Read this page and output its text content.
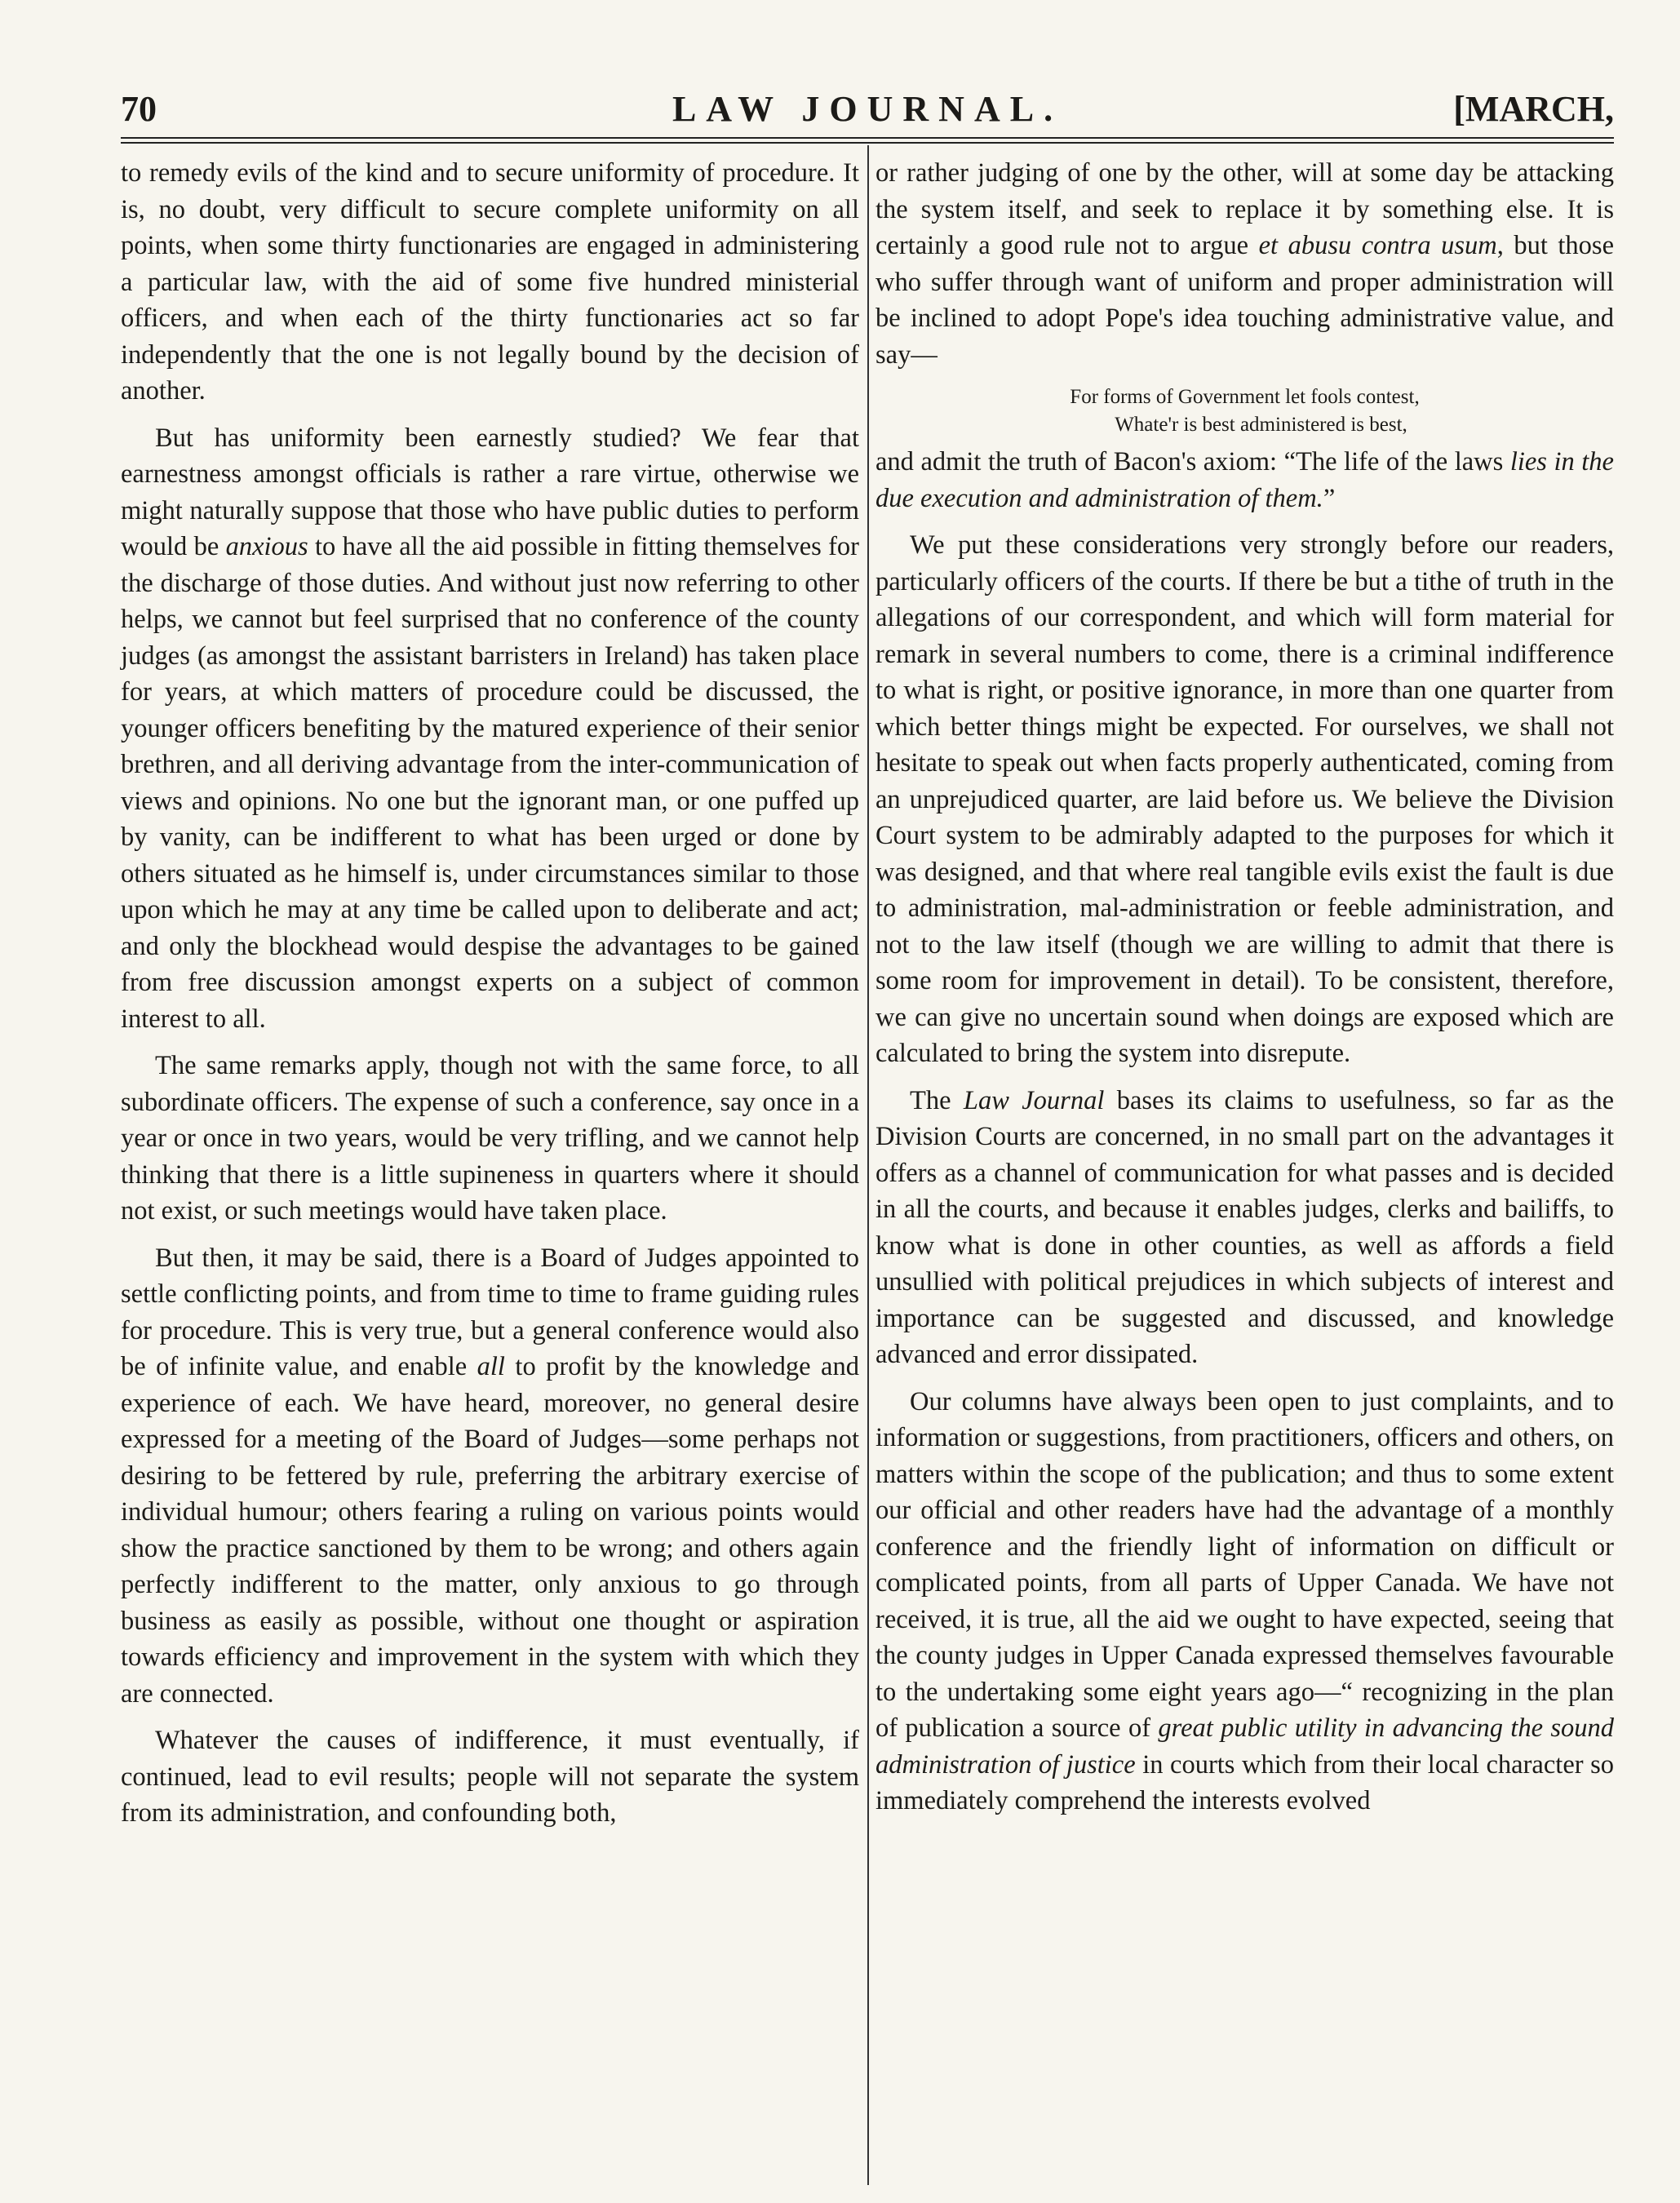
70	LAW JOURNAL.	[MARCH,

to remedy evils of the kind and to secure uniformity of procedure. It is, no doubt, very difficult to secure complete uniformity on all points, when some thirty functionaries are engaged in administering a particular law, with the aid of some five hundred ministerial officers, and when each of the thirty functionaries act so far independently that the one is not legally bound by the decision of another.

But has uniformity been earnestly studied? We fear that earnestness amongst officials is rather a rare virtue, otherwise we might naturally suppose that those who have public duties to perform would be anxious to have all the aid possible in fitting themselves for the discharge of those duties. And without just now referring to other helps, we cannot but feel surprised that no conference of the county judges (as amongst the assistant barristers in Ireland) has taken place for years, at which matters of procedure could be discussed, the younger officers benefiting by the matured experience of their senior brethren, and all deriving advantage from the inter-communication of views and opinions. No one but the ignorant man, or one puffed up by vanity, can be indifferent to what has been urged or done by others situated as he himself is, under circumstances similar to those upon which he may at any time be called upon to deliberate and act; and only the blockhead would despise the advantages to be gained from free discussion amongst experts on a subject of common interest to all.

The same remarks apply, though not with the same force, to all subordinate officers. The expense of such a conference, say once in a year or once in two years, would be very trifling, and we cannot help thinking that there is a little supineness in quarters where it should not exist, or such meetings would have taken place.

But then, it may be said, there is a Board of Judges appointed to settle conflicting points, and from time to time to frame guiding rules for procedure. This is very true, but a general conference would also be of infinite value, and enable all to profit by the knowledge and experience of each. We have heard, moreover, no general desire expressed for a meeting of the Board of Judges—some perhaps not desiring to be fettered by rule, preferring the arbitrary exercise of individual humour; others fearing a ruling on various points would show the practice sanctioned by them to be wrong; and others again perfectly indifferent to the matter, only anxious to go through business as easily as possible, without one thought or aspiration towards efficiency and improvement in the system with which they are connected.

Whatever the causes of indifference, it must eventually, if continued, lead to evil results; people will not separate the system from its administration, and confounding both,

or rather judging of one by the other, will at some day be attacking the system itself, and seek to replace it by something else. It is certainly a good rule not to argue et abusu contra usum, but those who suffer through want of uniform and proper administration will be inclined to adopt Pope's idea touching administrative value, and say—

For forms of Government let fools contest,
Whate'r is best administered is best,

and admit the truth of Bacon's axiom: “The life of the laws lies in the due execution and administration of them.”

We put these considerations very strongly before our readers, particularly officers of the courts. If there be but a tithe of truth in the allegations of our correspondent, and which will form material for remark in several numbers to come, there is a criminal indifference to what is right, or positive ignorance, in more than one quarter from which better things might be expected. For ourselves, we shall not hesitate to speak out when facts properly authenticated, coming from an unprejudiced quarter, are laid before us. We believe the Division Court system to be admirably adapted to the purposes for which it was designed, and that where real tangible evils exist the fault is due to administration, mal-administration or feeble administration, and not to the law itself (though we are willing to admit that there is some room for improvement in detail). To be consistent, therefore, we can give no uncertain sound when doings are exposed which are calculated to bring the system into disrepute.

The Law Journal bases its claims to usefulness, so far as the Division Courts are concerned, in no small part on the advantages it offers as a channel of communication for what passes and is decided in all the courts, and because it enables judges, clerks and bailiffs, to know what is done in other counties, as well as affords a field unsullied with political prejudices in which subjects of interest and importance can be suggested and discussed, and knowledge advanced and error dissipated.

Our columns have always been open to just complaints, and to information or suggestions, from practitioners, officers and others, on matters within the scope of the publication; and thus to some extent our official and other readers have had the advantage of a monthly conference and the friendly light of information on difficult or complicated points, from all parts of Upper Canada. We have not received, it is true, all the aid we ought to have expected, seeing that the county judges in Upper Canada expressed themselves favourable to the undertaking some eight years ago—“ recognizing in the plan of publication a source of great public utility in advancing the sound administration of justice in courts which from their local character so immediately comprehend the interests evolved
